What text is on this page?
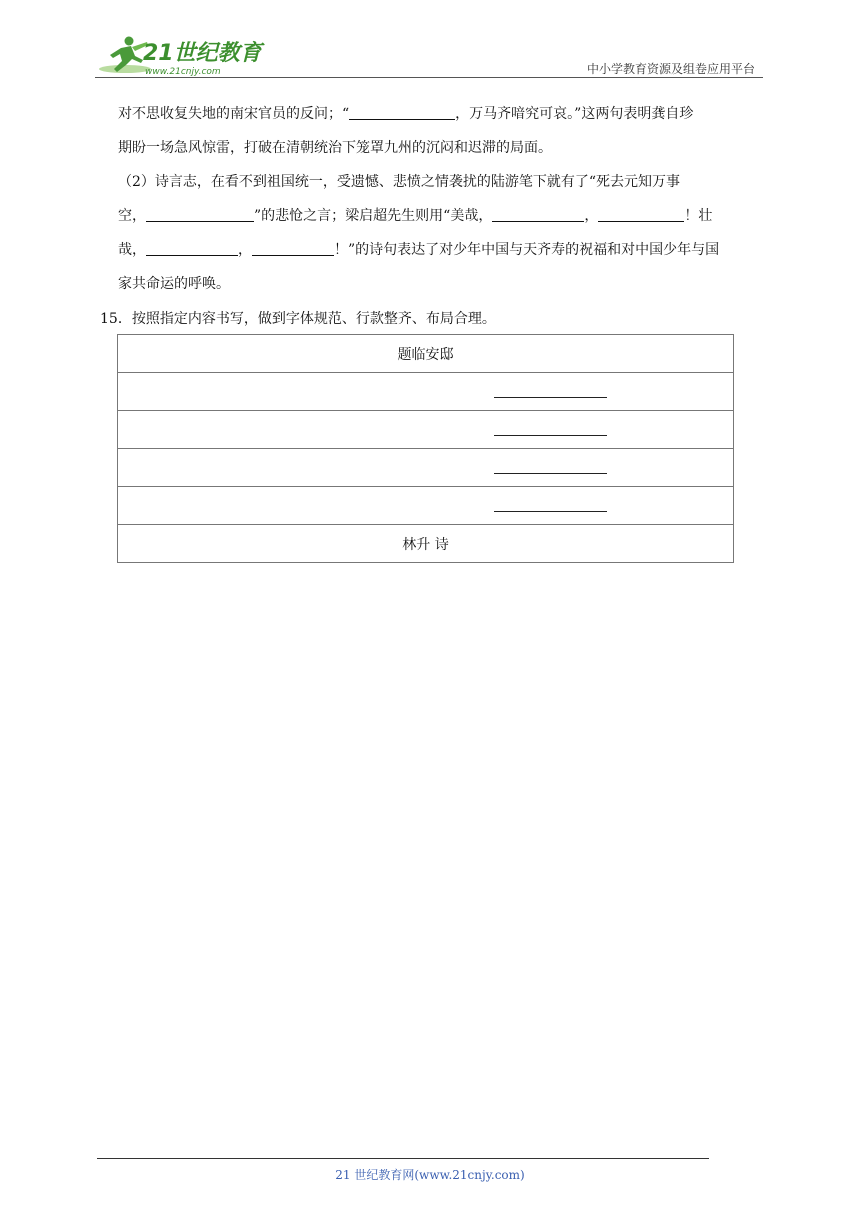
21世纪教育
www.21cnjy.com	中小学教育资源及组卷应用平台
对不思收复失地的南宋官员的反问；“	，万马齐喑究可哀。”这两句表明龚自珍
期盼一场急风惊雷，打破在清朝统治下笼罩九州的沉闷和迟滞的局面。
（2）诗言志，在看不到祖国统一，受遗憾、悲愤之情袭扰的陆游笔下就有了“死去元知万事
空，	”的悲怆之言；梁启超先生则用“美哉，	，	！壮
哉，	，	！”的诗句表达了对少年中国与天齐寿的祝福和对中国少年与国
家共命运的呼唤。
15．按照指定内容书写，做到字体规范、行款整齐、布局合理。
题临安邸

林升 诗
21 世纪教育网(www.21cnjy.com)
